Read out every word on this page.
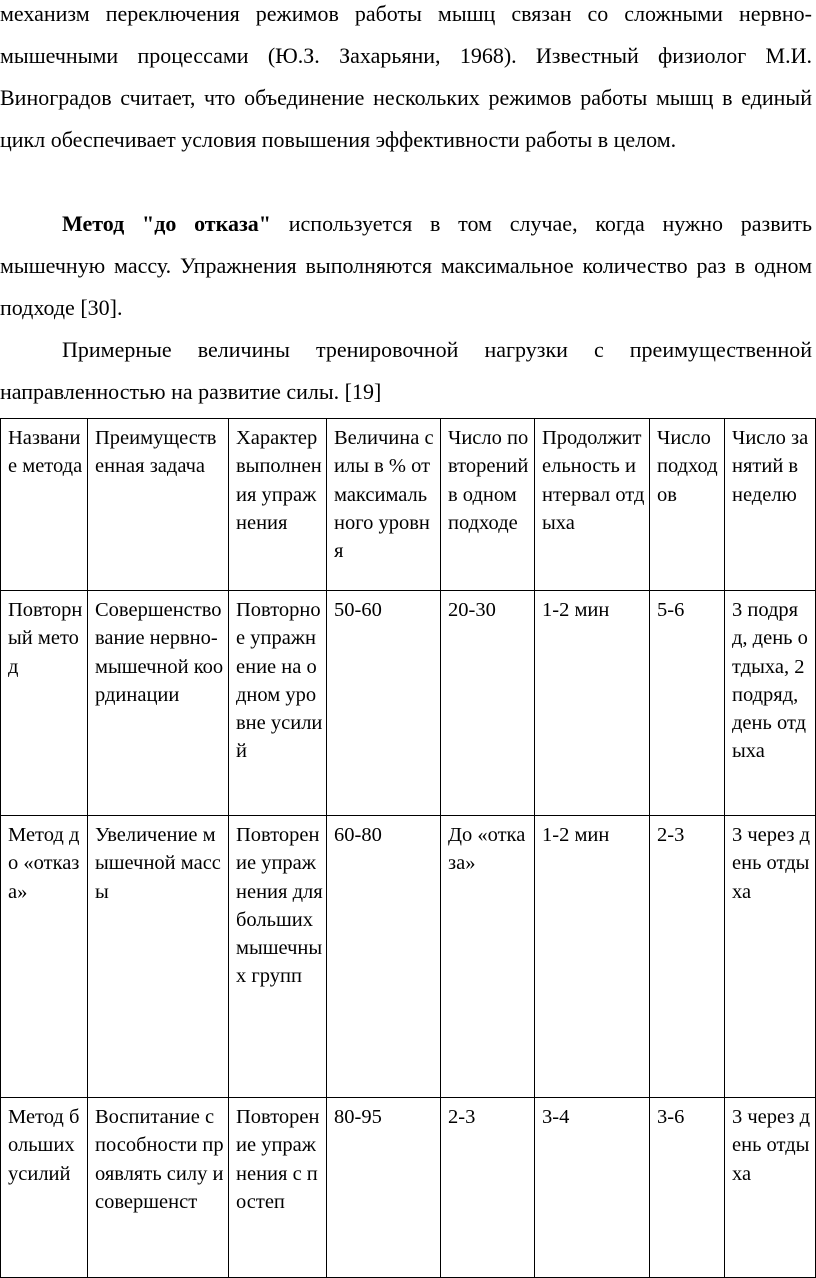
механизм переключения режимов работы мышц связан со сложными нервно-мышечными процессами (Ю.З. Захарьяни, 1968). Известный физиолог М.И. Виноградов считает, что объединение нескольких режимов работы мышц в единый цикл обеспечивает условия повышения эффективности работы в целом.

Метод "до отказа" используется в том случае, когда нужно развить мышечную массу. Упражнения выполняются максимальное количество раз в одном подходе [30].

Примерные величины тренировочной нагрузки с преимущественной направленностью на развитие силы. [19]

Название метода	Преимущественная задача	Характер выполнения упражнения	Величина силы в % от максимального уровня	Число повторений в одном подходе	Продолжительность интервал отдыха	Число подходов	Число занятий в неделю
Повторный метод	Совершенствование нервно-мышечной координации	Повторное упражнение на одном уровне усилий	50-60	20-30	1-2 мин	5-6	3 подряд, день отдыха, 2 подряд, день отдыха
Метод до «отказа»	Увеличение мышечной массы	Повторение упражнения для больших мышечных групп	60-80	До «отказа»	1-2 мин	2-3	3 через день отдыха
Метод больших усилий	Воспитание способности проявлять силу и совершенст	Повторение упражнения с постеп	80-95	2-3	3-4	3-6	3 через день отдыха
